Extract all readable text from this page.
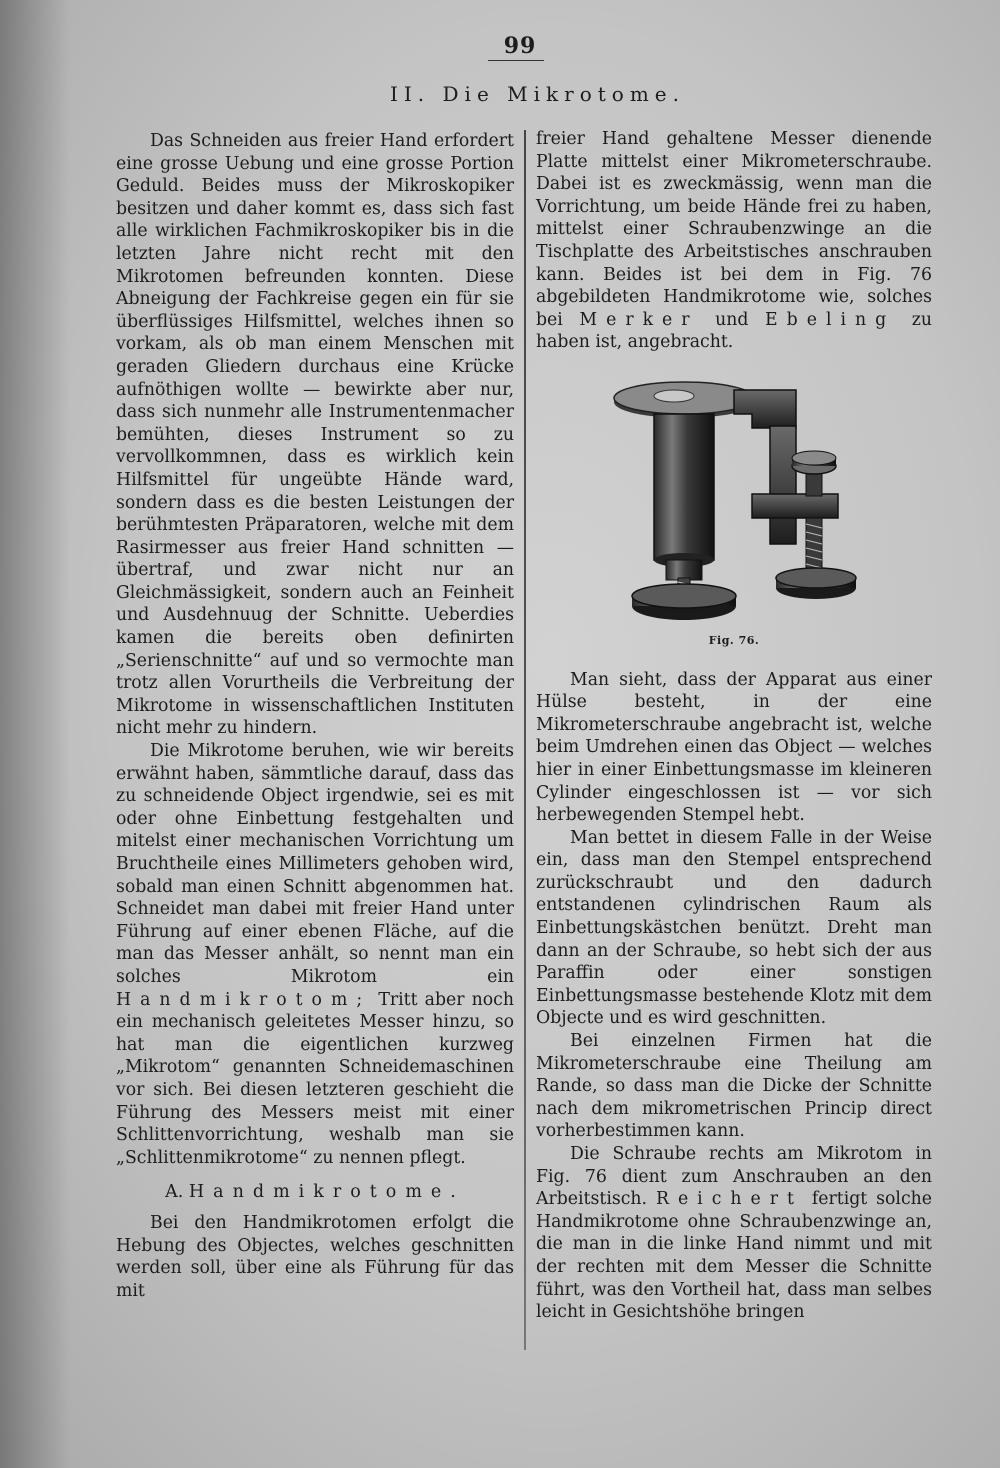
99
II. Die Mikrotome.

Das Schneiden aus freier Hand erfordert eine grosse Uebung und eine grosse Portion Geduld. Beides muss der Mikroskopiker besitzen und daher kommt es, dass sich fast alle wirklichen Fachmikroskopiker bis in die letzten Jahre nicht recht mit den Mikrotomen befreunden konnten. Diese Abneigung der Fachkreise gegen ein für sie überflüssiges Hilfsmittel, welches ihnen so vorkam, als ob man einem Menschen mit geraden Gliedern durchaus eine Krücke aufnöthigen wollte — bewirkte aber nur, dass sich nunmehr alle Instrumentenmacher bemühten, dieses Instrument so zu vervollkommnen, dass es wirklich kein Hilfsmittel für ungeübte Hände ward, sondern dass es die besten Leistungen der berühmtesten Präparatoren, welche mit dem Rasirmesser aus freier Hand schnitten — übertraf, und zwar nicht nur an Gleichmässigkeit, sondern auch an Feinheit und Ausdehnuug der Schnitte. Ueberdies kamen die bereits oben definirten „Serienschnitte“ auf und so vermochte man trotz allen Vorurtheils die Verbreitung der Mikrotome in wissenschaftlichen Instituten nicht mehr zu hindern.

Die Mikrotome beruhen, wie wir bereits erwähnt haben, sämmtliche darauf, dass das zu schneidende Object irgendwie, sei es mit oder ohne Einbettung festgehalten und mitelst einer mechanischen Vorrichtung um Bruchtheile eines Millimeters gehoben wird, sobald man einen Schnitt abgenommen hat. Schneidet man dabei mit freier Hand unter Führung auf einer ebenen Fläche, auf die man das Messer anhält, so nennt man ein solches Mikrotom ein Handmikrotom; Tritt aber noch ein mechanisch geleitetes Messer hinzu, so hat man die eigentlichen kurzweg „Mikrotom“ genannten Schneidemaschinen vor sich. Bei diesen letzteren geschieht die Führung des Messers meist mit einer Schlittenvorrichtung, weshalb man sie „Schlittenmikrotome“ zu nennen pflegt.

A. Handmikrotome.

Bei den Handmikrotomen erfolgt die Hebung des Objectes, welches geschnitten werden soll, über eine als Führung für das mit

freier Hand gehaltene Messer dienende Platte mittelst einer Mikrometerschraube. Dabei ist es zweckmässig, wenn man die Vorrichtung, um beide Hände frei zu haben, mittelst einer Schraubenzwinge an die Tischplatte des Arbeitstisches anschrauben kann. Beides ist bei dem in Fig. 76 abgebildeten Handmikrotome wie, solches bei Merker und Ebeling zu haben ist, angebracht.

Fig. 76.

Man sieht, dass der Apparat aus einer Hülse besteht, in der eine Mikrometerschraube angebracht ist, welche beim Umdrehen einen das Object — welches hier in einer Einbettungsmasse im kleineren Cylinder eingeschlossen ist — vor sich herbewegenden Stempel hebt.

Man bettet in diesem Falle in der Weise ein, dass man den Stempel entsprechend zurückschraubt und den dadurch entstandenen cylindrischen Raum als Einbettungskästchen benützt. Dreht man dann an der Schraube, so hebt sich der aus Paraffin oder einer sonstigen Einbettungsmasse bestehende Klotz mit dem Objecte und es wird geschnitten.

Bei einzelnen Firmen hat die Mikrometerschraube eine Theilung am Rande, so dass man die Dicke der Schnitte nach dem mikrometrischen Princip direct vorherbestimmen kann.

Die Schraube rechts am Mikrotom in Fig. 76 dient zum Anschrauben an den Arbeitstisch. Reichert fertigt solche Handmikrotome ohne Schraubenzwinge an, die man in die linke Hand nimmt und mit der rechten mit dem Messer die Schnitte führt, was den Vortheil hat, dass man selbes leicht in Gesichtshöhe bringen
